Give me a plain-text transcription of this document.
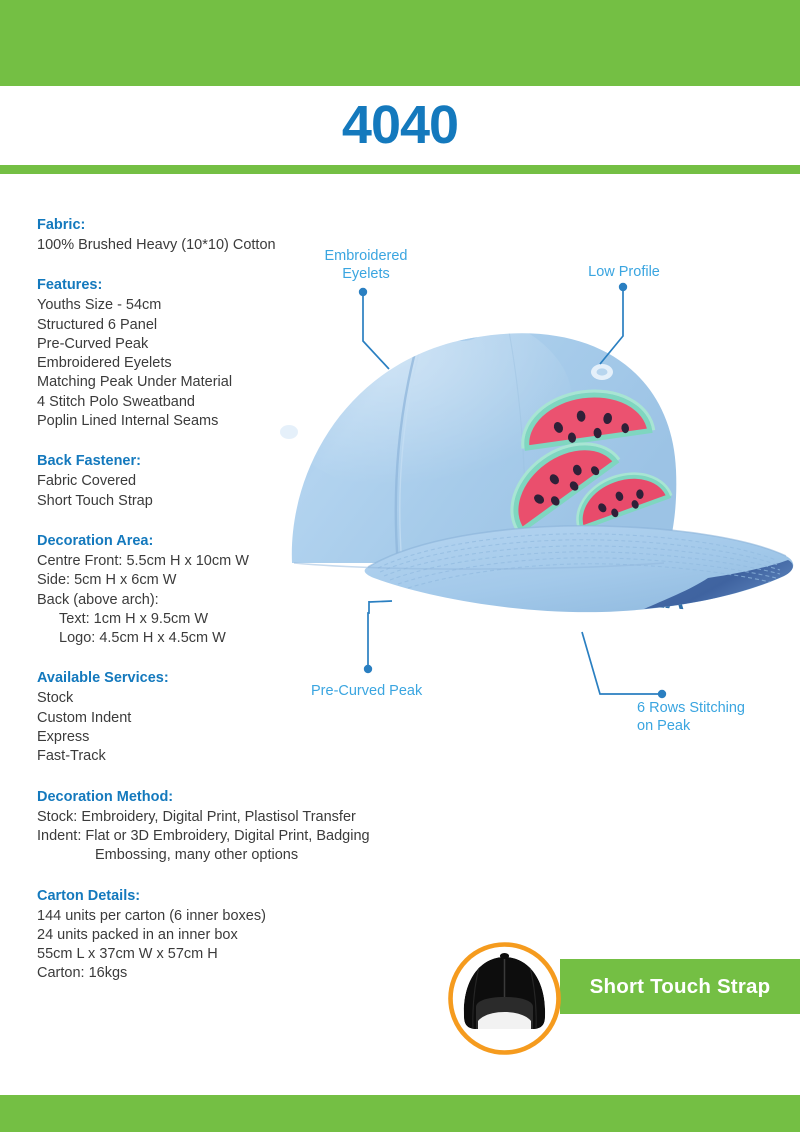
4040
Fabric:
100% Brushed Heavy (10*10) Cotton
Features:
Youths Size - 54cm
Structured 6 Panel
Pre-Curved Peak
Embroidered Eyelets
Matching Peak Under Material
4 Stitch Polo Sweatband
Poplin Lined Internal Seams
Back Fastener:
Fabric Covered
Short Touch Strap
Decoration Area:
Centre Front: 5.5cm H x 10cm W
Side: 5cm H x 6cm W
Back (above arch):
Text: 1cm H x 9.5cm W
Logo: 4.5cm H x 4.5cm W
Available Services:
Stock
Custom Indent
Express
Fast-Track
Decoration Method:
Stock: Embroidery, Digital Print, Plastisol Transfer
Indent: Flat or 3D Embroidery, Digital Print, Badging
Embossing, many other options
Carton Details:
144 units per carton (6 inner boxes)
24 units packed in an inner box
55cm L x 37cm W x 57cm H
Carton: 16kgs
Embroidered
Eyelets	Low Profile
Pre-Curved Peak
6 Rows Stitching
on Peak
Short Touch Strap
